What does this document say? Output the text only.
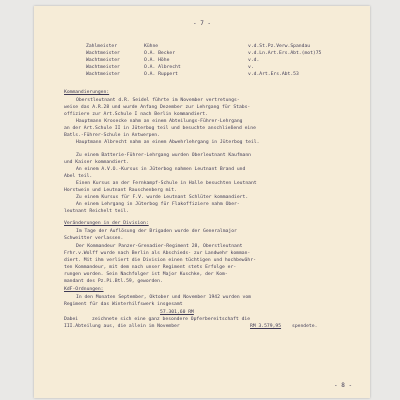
- 7 -
Zahlmeister	Kühne	v.d.St.Pz.Verw.Spandau
Wachtmeister	O.A. Becker	v.d.Ln.Art.Ers.Abt.(mot)75
Wachtmeister	O.A. Höhe	v.d.
Wachtmeister	O.A. Albrecht	v.
Wachtmeister	O.A. Ruppert	v.d.Art.Ers.Abt.53
Kommandierungen:
Oberstleutnant d.R. Seidel führte im November vertretungs-
weise das A.R.28 und wurde Anfang Dezember zur Lehrgang für Stabs-
offiziere zur Art.Schule I nach Berlin kommandiert.
Hauptmann Krosecke nahm an einem Abteilungs-Führer-Lehrgang
an der Art.Schule II in Jüterbog teil und besuchte anschließend eine
Batls.-Führer-Schule in Antwerpen.
Hauptmann Albrecht nahm an einem Abwehrlehrgang in Jüterbog teil.
Zu einem Batterie-Führer-Lehrgang wurden Oberleutnant Kaufmann
und Kaiser kommandiert.
An einem A.V.O.-Kursus in Jüterbog nahmen Leutnant Brand und
Abel teil.
Einen Kursus an der Fernkampf-Schule in Halle besuchten Leutnant
Horstwein und Leutnant Rauschenberg mit.
Zu einem Kursus für F.V. wurde Leutnant Schlüter kommandiert.
An einem Lehrgang in Jüterbog für Flakoffiziere nahm Ober-
leutnant Reichelt teil.
Veränderungen in der Division:
Im Tage der Auflösung der Brigaden wurde der Generalmajor
Schweitter verlassen.
Der Kommandeur Panzer-Grenadier-Regiment 28, Oberstleutnant
Frhr.v.Wolff wurde nach Berlin als Abschieds- zur Landwehr komman-
diert. Mit ihm verliert die Division einen tüchtigen und hochbewähr-
ten Kommandeur, mit dem nach unser Regiment stets Erfolge er-
rungen worden. Sein Nachfolger ist Major Kuschke, der Kom-
mandant des Pz.Pi.Btl.59, geworden.
KdF-Ordnungen:
In den Monaten September, Oktober und November 1942 wurden vom
Regiment für das Winterhilfswerk insgesamt
57.301,60 RM
Dabei	zeichnete sich eine ganz besondere Opferbereitschaft die
III.Abteilung aus, die allein im November	RM 3.579,95 spendete.
- 8 -
